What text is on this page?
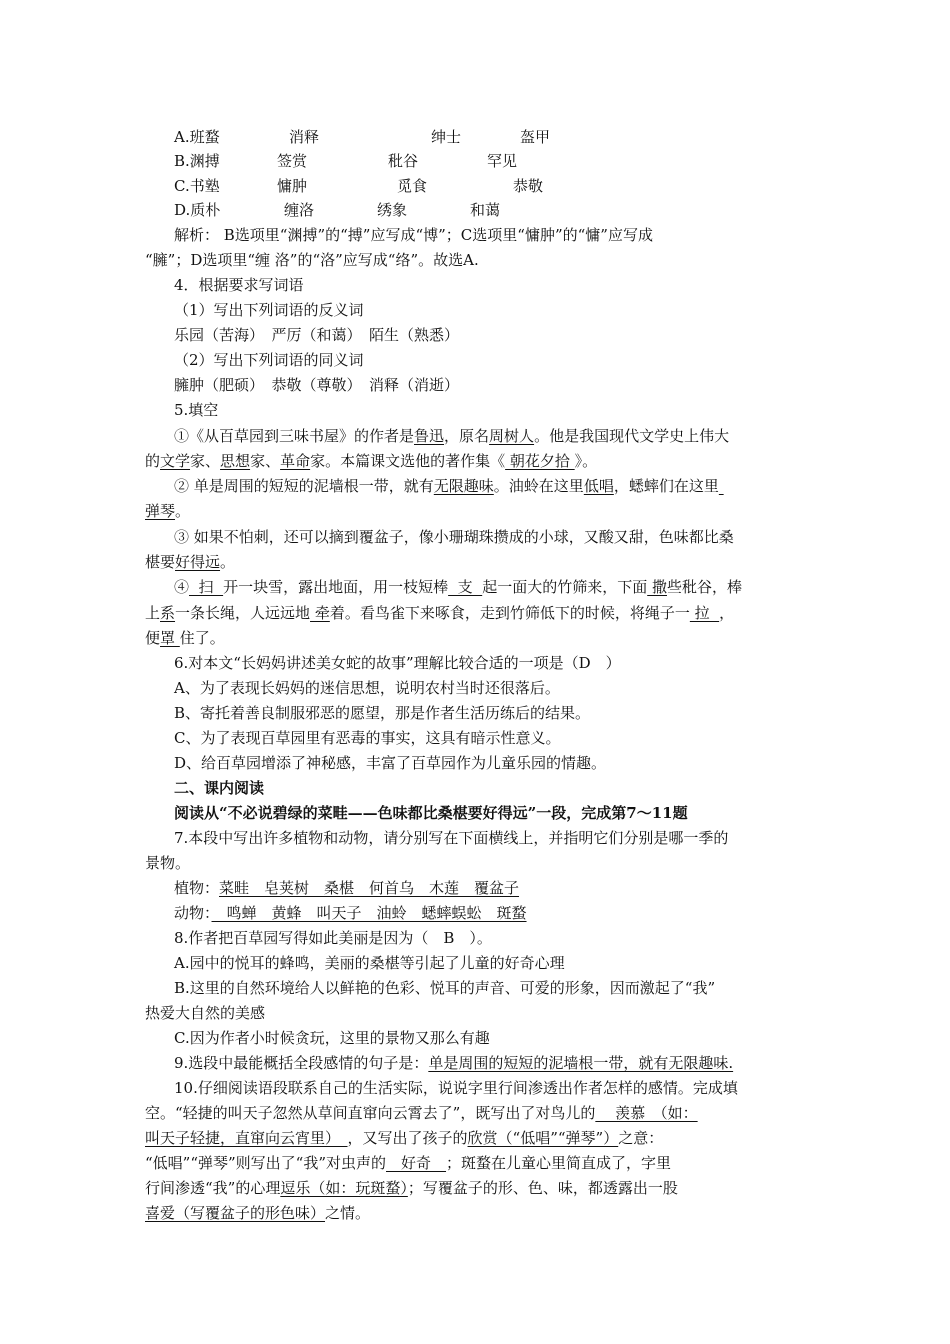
A.班蝥	消释	绅士	盔甲
B.渊搏	签赏	秕谷	罕见
C.书塾	慵肿	觅食	恭敬
D.质朴	缠洛	绣象	和蔼
解析： B选项里“渊搏”的“搏”应写成“博”；C选项里“慵肿”的“慵”应写成
“臃”；D选项里“缠 洛”的“洛”应写成“络”。故选A.
4．根据要求写词语
（1）写出下列词语的反义词
乐园（苦海）　严厉（和蔼）　陌生（熟悉）
（2）写出下列词语的同义词
臃肿（肥硕）　恭敬（尊敬）　消释（消逝）
5.填空
①《从百草园到三味书屋》的作者是鲁迅，原名周树人。他是我国现代文学史上伟大
的文学家、思想家、革命家。本篇课文选他的著作集《 朝花夕拾 》。
② 单是周围的短短的泥墙根一带，就有无限趣味。油蛉在这里低唱，蟋蟀们在这里
弹琴。
③ 如果不怕刺，还可以摘到覆盆子，像小珊瑚珠攒成的小球，又酸又甜，色味都比桑
椹要好得远。
④  扫  开一块雪，露出地面，用一枝短棒  支  起一面大的竹筛来，下面 撒些秕谷，棒
上系一条长绳，人远远地 牵着。看鸟雀下来啄食，走到竹筛低下的时候，将绳子一 拉  ，
便罩 住了。
6.对本文“长妈妈讲述美女蛇的故事”理解比较合适的一项是（D　）
A、为了表现长妈妈的迷信思想，说明农村当时还很落后。
B、寄托着善良制服邪恶的愿望，那是作者生活历练后的结果。
C、为了表现百草园里有恶毒的事实，这具有暗示性意义。
D、给百草园增添了神秘感，丰富了百草园作为儿童乐园的情趣。
二、课内阅读
阅读从“不必说碧绿的菜畦——色味都比桑椹要好得远”一段，完成第7～11题
7.本段中写出许多植物和动物，请分别写在下面横线上，并指明它们分别是哪一季的
景物。
植物：菜畦　皂荚树　桑椹　何首乌　木莲　覆盆子
动物：　鸣蝉　黄蜂　叫天子　油蛉　蟋蟀蜈蚣　斑蝥
8.作者把百草园写得如此美丽是因为（　B　）。
A.园中的悦耳的蜂鸣，美丽的桑椹等引起了儿童的好奇心理
B.这里的自然环境给人以鲜艳的色彩、悦耳的声音、可爱的形象，因而激起了“我”
热爱大自然的美感
C.因为作者小时候贪玩，这里的景物又那么有趣
9.选段中最能概括全段感情的句子是：单是周围的短短的泥墙根一带，就有无限趣味.
10.仔细阅读语段联系自己的生活实际，说说字里行间渗透出作者怎样的感情。完成填
空。“轻捷的叫天子忽然从草间直窜向云霄去了”，既写出了对鸟儿的　 羡慕　（如：
叫天子轻捷，直窜向云宵里）　，又写出了孩子的欣赏（“低唱”“弹琴”）之意：
“低唱”“弹琴”则写出了“我”对虫声的　好奇　；斑蝥在儿童心里简直成了，字里
行间渗透“我”的心理逗乐（如：玩斑蝥）；写覆盆子的形、色、味，都透露出一股
喜爱（写覆盆子的形色味）之情。
